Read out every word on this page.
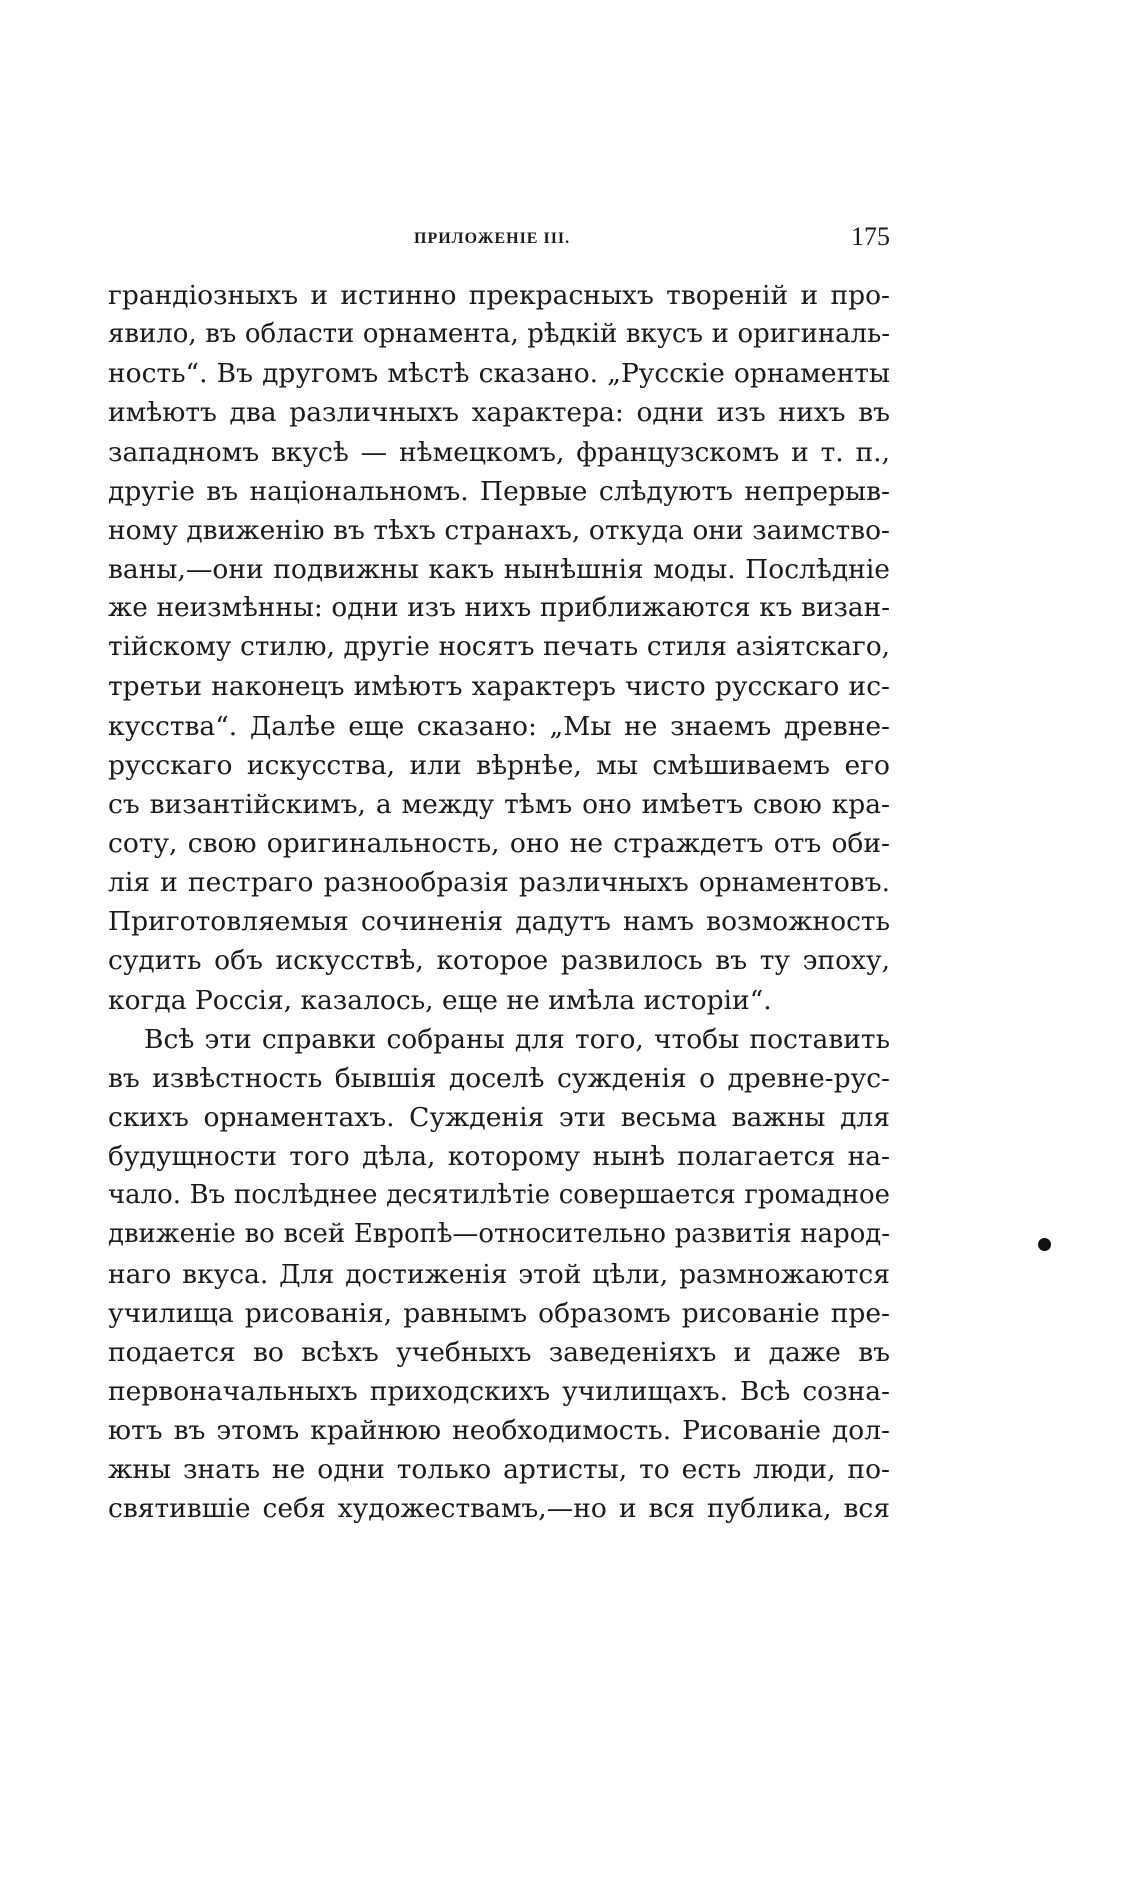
ПРИЛОЖЕНІЕ III.	175
грандіозныхъ и истинно прекрасныхъ твореній и про-
явило, въ области орнамента, рѣдкій вкусъ и оригиналь-
ность“. Въ другомъ мѣстѣ сказано. „Русскіе орнаменты
имѣютъ два различныхъ характера: одни изъ нихъ въ
западномъ вкусѣ — нѣмецкомъ, французскомъ и т. п.,
другіе въ національномъ. Первые слѣдуютъ непрерыв-
ному движенію въ тѣхъ странахъ, откуда они заимство-
ваны,—они подвижны какъ нынѣшнія моды. Послѣдніе
же неизмѣнны: одни изъ нихъ приближаются къ визан-
тійскому стилю, другіе носятъ печать стиля азіятскаго,
третьи наконецъ имѣютъ характеръ чисто русскаго ис-
кусства“. Далѣе еще сказано: „Мы не знаемъ древне-
русскаго искусства, или вѣрнѣе, мы смѣшиваемъ его
съ византійскимъ, а между тѣмъ оно имѣетъ свою кра-
соту, свою оригинальность, оно не страждетъ отъ оби-
лія и пестраго разнообразія различныхъ орнаментовъ.
Приготовляемыя сочиненія дадутъ намъ возможность
судить объ искусствѣ, которое развилось въ ту эпоху,
когда Россія, казалось, еще не имѣла исторіи“.
Всѣ эти справки собраны для того, чтобы поставить
въ извѣстность бывшія доселѣ сужденія о древне-рус-
скихъ орнаментахъ. Сужденія эти весьма важны для
будущности того дѣла, которому нынѣ полагается на-
чало. Въ послѣднее десятилѣтіе совершается громадное
движеніе во всей Европѣ—относительно развитія народ-
наго вкуса. Для достиженія этой цѣли, размножаются
училища рисованія, равнымъ образомъ рисованіе пре-
подается во всѣхъ учебныхъ заведеніяхъ и даже въ
первоначальныхъ приходскихъ училищахъ. Всѣ созна-
ютъ въ этомъ крайнюю необходимость. Рисованіе дол-
жны знать не одни только артисты, то есть люди, по-
святившіе себя художествамъ,—но и вся публика, вся
